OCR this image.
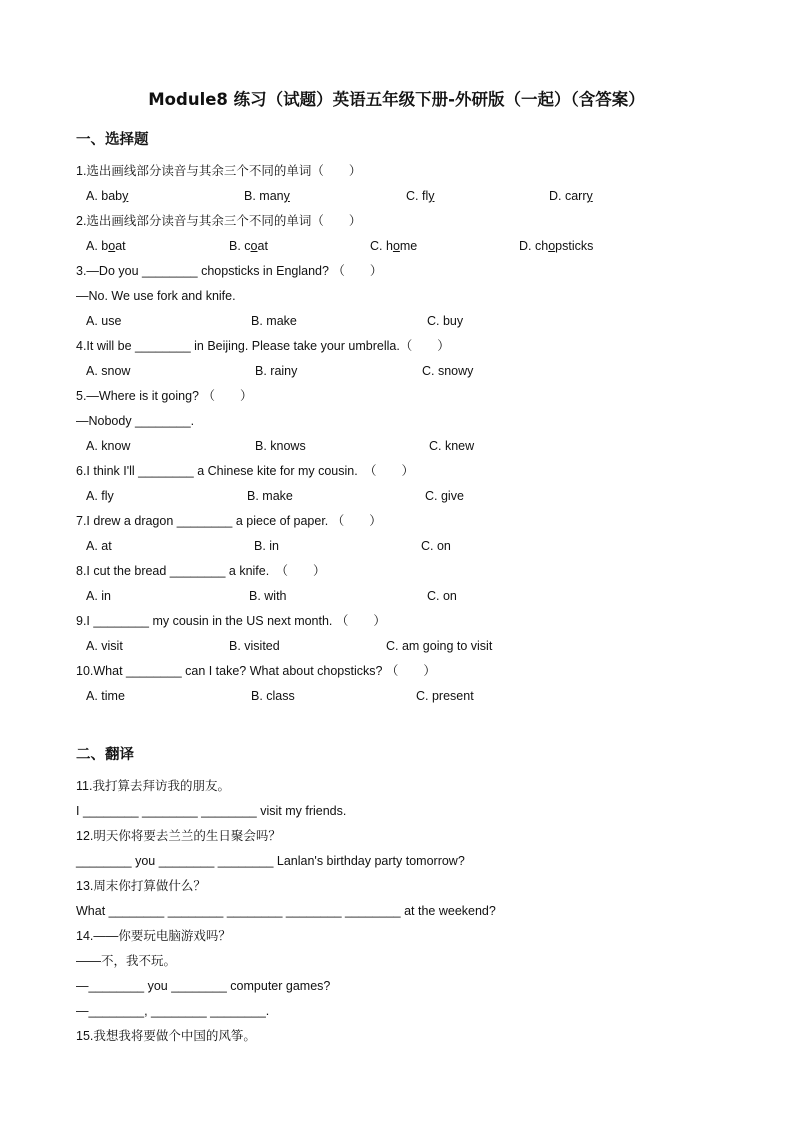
Module8 练习（试题）英语五年级下册-外研版（一起）（含答案）
一、选择题
1.选出画线部分读音与其余三个不同的单词（　　）
A. baby	B. many	C. fly	D. carry
2.选出画线部分读音与其余三个不同的单词（　　）
A. boat	B. coat	C. home	D. chopsticks
3.—Do you ________ chopsticks in England? （　　）
—No. We use fork and knife.
A. use	B. make	C. buy
4.It will be ________ in Beijing. Please take your umbrella.（　　）
A. snow	B. rainy	C. snowy
5.—Where is it going? （　　）
—Nobody ________.
A. know	B. knows	C. knew
6.I think I'll ________ a Chinese kite for my cousin.　（　　）
A. fly	B. make	C. give
7.I drew a dragon ________ a piece of paper. （　　）
A. at	B. in	C. on
8.I cut the bread ________ a knife.　（　　）
A. in	B. with	C. on
9.I ________ my cousin in the US next month. （　　）
A. visit	B. visited	C. am going to visit
10.What ________ can I take? What about chopsticks? （　　）
A. time	B. class	C. present
二、翻译
11.我打算去拜访我的朋友。
I ________ ________ ________ visit my friends.
12.明天你将要去兰兰的生日聚会吗？
________ you ________ ________ Lanlan's birthday party tomorrow?
13.周末你打算做什么？
What ________ ________ ________ ________ ________ at the weekend?
14.——你要玩电脑游戏吗？
——不，我不玩。
—________ you ________ computer games?
—________, ________ ________.
15.我想我将要做个中国的风筝。
